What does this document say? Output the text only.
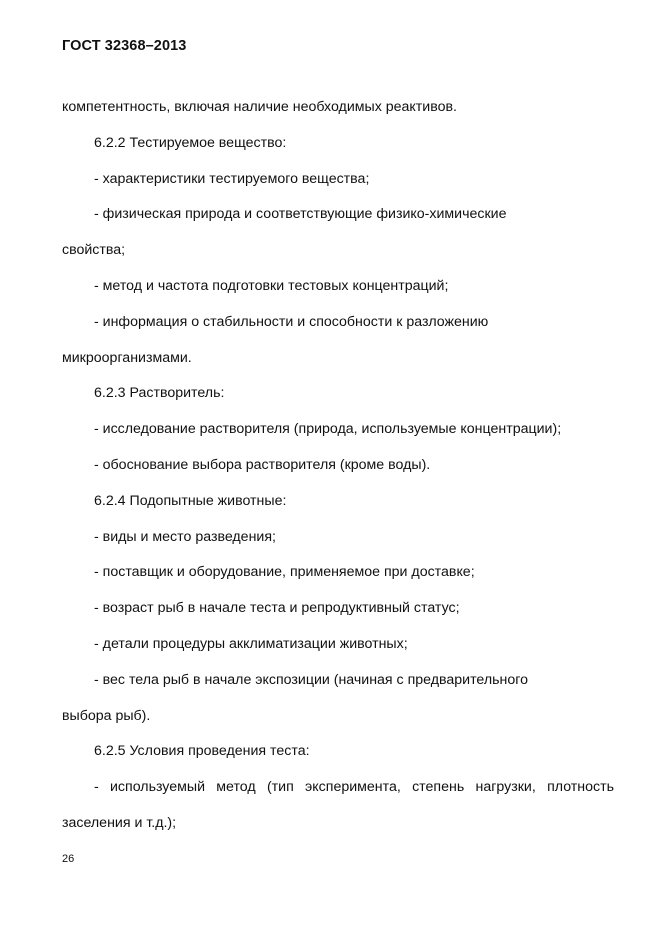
ГОСТ 32368–2013
компетентность, включая наличие необходимых реактивов.
6.2.2 Тестируемое вещество:
- характеристики тестируемого вещества;
- физическая природа и соответствующие физико-химические
свойства;
- метод и частота подготовки тестовых концентраций;
- информация о стабильности и способности к разложению
микроорганизмами.
6.2.3 Растворитель:
- исследование растворителя (природа, используемые концентрации);
- обоснование выбора растворителя (кроме воды).
6.2.4 Подопытные животные:
- виды и место разведения;
- поставщик и оборудование, применяемое при доставке;
- возраст рыб в начале теста и репродуктивный статус;
- детали процедуры акклиматизации животных;
- вес тела рыб в начале экспозиции (начиная с предварительного
выбора рыб).
6.2.5 Условия проведения теста:
- используемый метод (тип эксперимента, степень нагрузки, плотность
заселения и т.д.);
26
